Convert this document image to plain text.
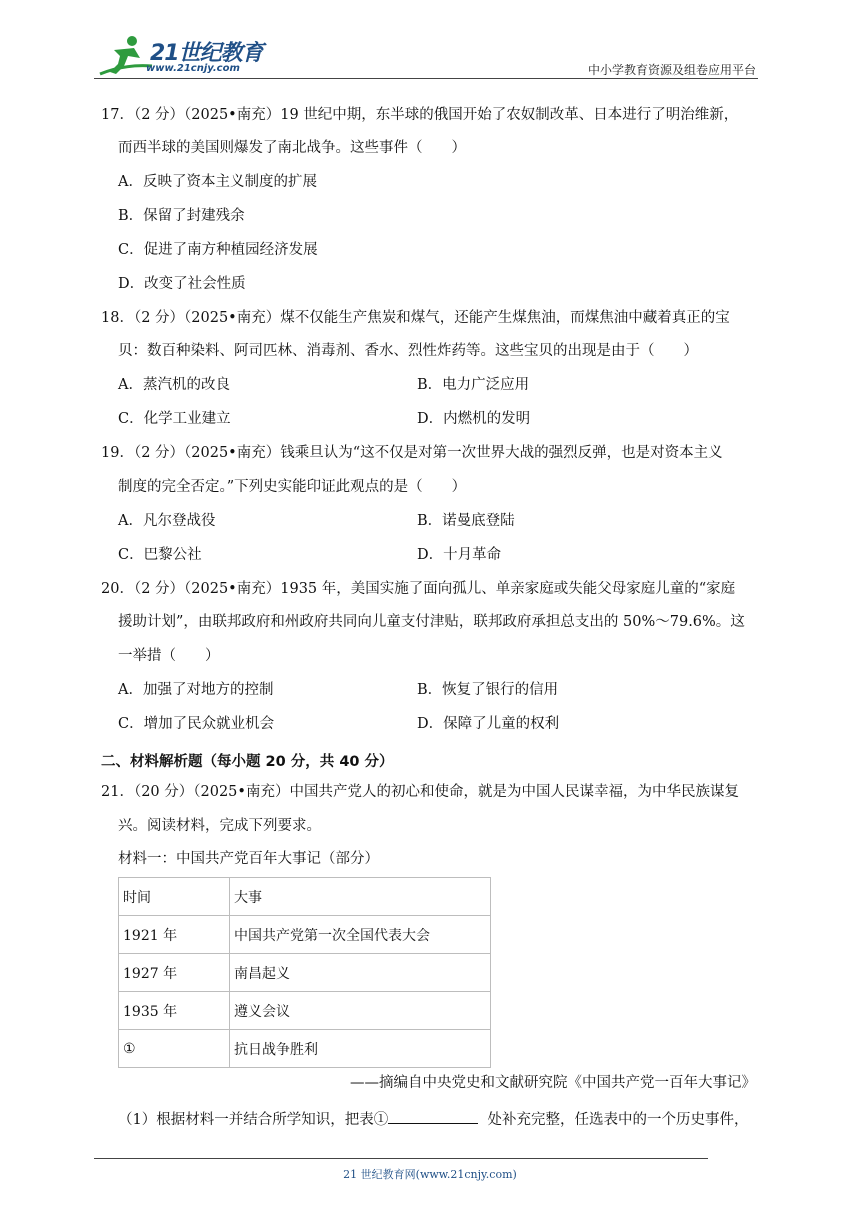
21世纪教育
www.21cnjy.com	中小学教育资源及组卷应用平台
17．（2 分）（2025•南充）19 世纪中期，东半球的俄国开始了农奴制改革、日本进行了明治维新，
而西半球的美国则爆发了南北战争。这些事件（　　）
A．反映了资本主义制度的扩展
B．保留了封建残余
C．促进了南方种植园经济发展
D．改变了社会性质
18．（2 分）（2025•南充）煤不仅能生产焦炭和煤气，还能产生煤焦油，而煤焦油中藏着真正的宝
贝：数百种染料、阿司匹林、消毒剂、香水、烈性炸药等。这些宝贝的出现是由于（　　）
A．蒸汽机的改良	B．电力广泛应用
C．化学工业建立	D．内燃机的发明
19．（2 分）（2025•南充）钱乘旦认为“这不仅是对第一次世界大战的强烈反弹，也是对资本主义
制度的完全否定。”下列史实能印证此观点的是（　　）
A．凡尔登战役	B．诺曼底登陆
C．巴黎公社	D．十月革命
20．（2 分）（2025•南充）1935 年，美国实施了面向孤儿、单亲家庭或失能父母家庭儿童的“家庭
援助计划”，由联邦政府和州政府共同向儿童支付津贴，联邦政府承担总支出的 50%～79.6%。这
一举措（　　）
A．加强了对地方的控制	B．恢复了银行的信用
C．增加了民众就业机会	D．保障了儿童的权利
二、材料解析题（每小题 20 分，共 40 分）
21．（20 分）（2025•南充）中国共产党人的初心和使命，就是为中国人民谋幸福，为中华民族谋复
兴。阅读材料，完成下列要求。
材料一：中国共产党百年大事记（部分）
时间	大事
1921 年	中国共产党第一次全国代表大会
1927 年	南昌起义
1935 年	遵义会议
①	抗日战争胜利
——摘编自中央党史和文献研究院《中国共产党一百年大事记》
（1）根据材料一并结合所学知识，把表①	处补充完整，任选表中的一个历史事件，
21 世纪教育网(www.21cnjy.com)
